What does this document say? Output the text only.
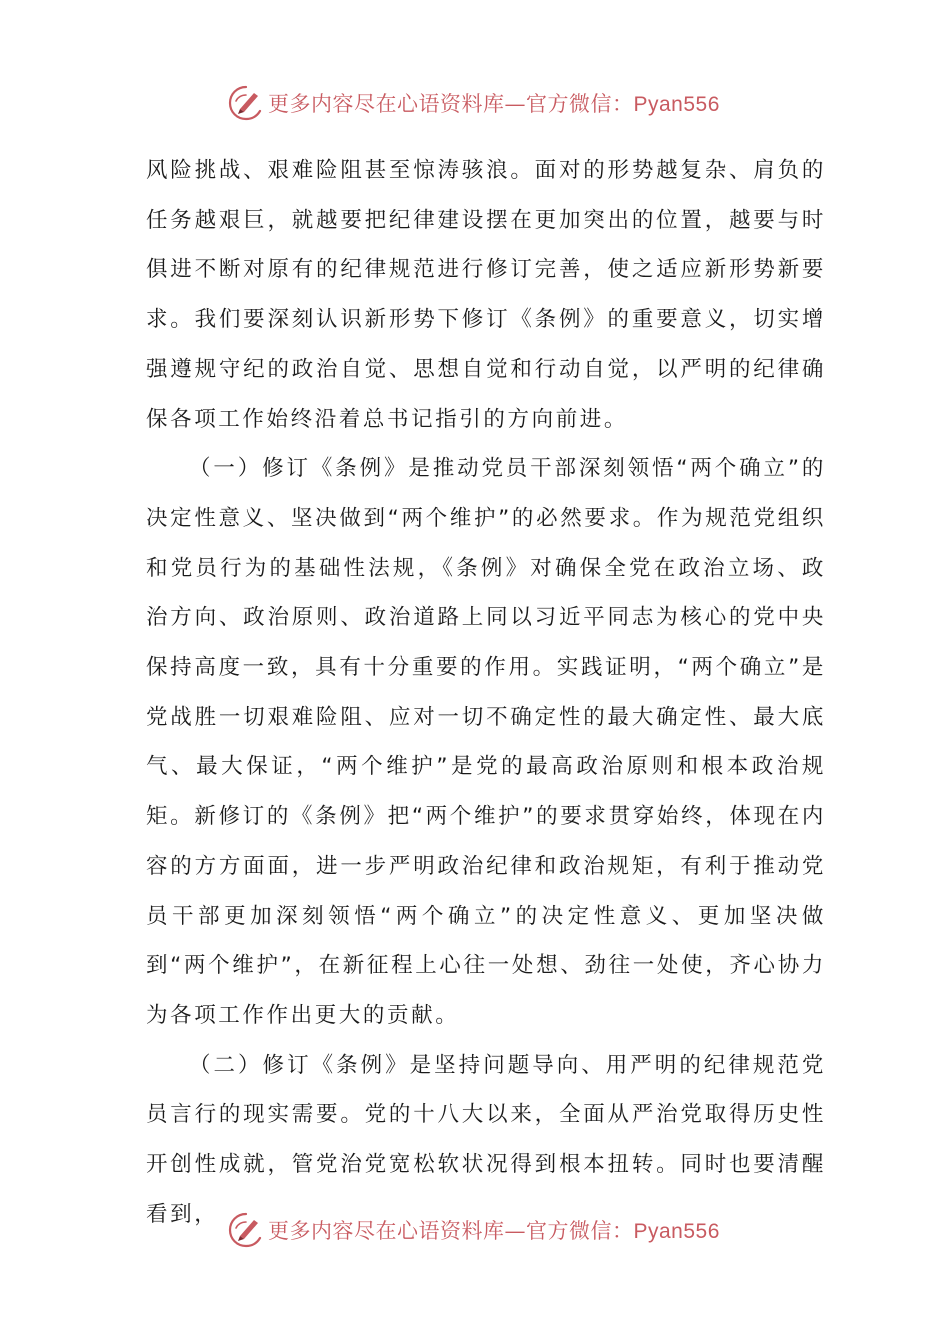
更多内容尽在心语资料库—官方微信：Pyan556

风险挑战、艰难险阻甚至惊涛骇浪。面对的形势越复杂、肩负的任务越艰巨，就越要把纪律建设摆在更加突出的位置，越要与时俱进不断对原有的纪律规范进行修订完善，使之适应新形势新要求。我们要深刻认识新形势下修订《条例》的重要意义，切实增强遵规守纪的政治自觉、思想自觉和行动自觉，以严明的纪律确保各项工作始终沿着总书记指引的方向前进。

（一）修订《条例》是推动党员干部深刻领悟“两个确立”的决定性意义、坚决做到“两个维护”的必然要求。作为规范党组织和党员行为的基础性法规，《条例》对确保全党在政治立场、政治方向、政治原则、政治道路上同以习近平同志为核心的党中央保持高度一致，具有十分重要的作用。实践证明，“两个确立”是党战胜一切艰难险阻、应对一切不确定性的最大确定性、最大底气、最大保证，“两个维护”是党的最高政治原则和根本政治规矩。新修订的《条例》把“两个维护”的要求贯穿始终，体现在内容的方方面面，进一步严明政治纪律和政治规矩，有利于推动党员干部更加深刻领悟“两个确立”的决定性意义、更加坚决做到“两个维护”，在新征程上心往一处想、劲往一处使，齐心协力为各项工作作出更大的贡献。

（二）修订《条例》是坚持问题导向、用严明的纪律规范党员言行的现实需要。党的十八大以来，全面从严治党取得历史性开创性成就，管党治党宽松软状况得到根本扭转。同时也要清醒看到，

更多内容尽在心语资料库—官方微信：Pyan556
